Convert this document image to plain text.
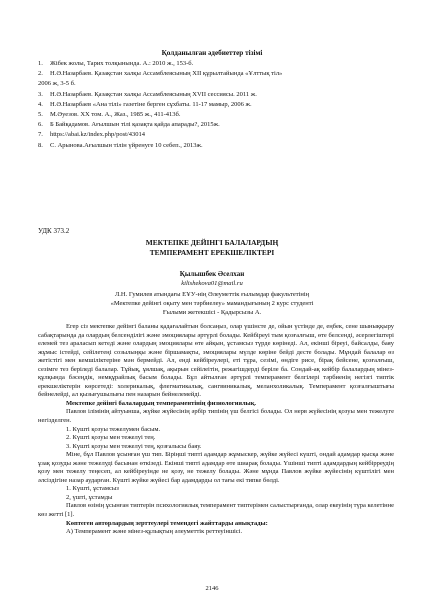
Қолданылған әдебиеттер тізімі
1.	Жібек жолы, Тарих толқынында. А.: 2010 ж., 153-б.
2.	Н.Ә.Назарбаев. Қазақстан халқы Ассамблеясының XII құрылтайында «Ұлттық тіл»
2006 ж, 3-5 б.
3.	Н.Ә.Назарбаев. Қазақстан халқы Ассамблеясының XVII сессиясы. 2011 ж.
4.	Н.Ә.Назарбаев «Ана тілі» газетіне берген сұхбаты. 11-17 мамыр, 2006 ж.
5.	М.Әуезов. XX том. А., Жаз., 1985 ж., 411-413б.
6.	Б Байқадамов. Ағылшын тілі қазақта қайда апарады?, 2015ж.
7.	https://abai.kz/index.php/post/43014
8.	С. Арынова.Ағылшын тілін үйренуге 10 себеп., 2013ж.
УДК 373.2
МЕКТЕПКЕ ДЕЙІНГІ БАЛАЛАРДЫҢ
ТЕМПЕРАМЕНТ ЕРЕКШЕЛІКТЕРІ
Қылышбек Әселхан
kilishekova01@mail.ru
Л.Н. Гумилев атындағы ЕҰУ-нің Әлеуметтік ғылымдар факультетінің
«Мектепке дейінгі оқыту мен тәрбиелеу» мамандығының 2 курс студенті
Ғылыми жетекшісі - Қадырсызы А.

Егер сіз мектепке дейінгі баланы қадағалайтын болсаңыз, олар үшінсте де, ойын үстінде де, еңбек, сене шыныққыру сабақтарында да олардың белсенділігі және эмоциялары әртүрлі болады. Кейбіреуі тым қозғалғыш, өте белсенді, әсерлегіштері елемей тез араласып кетеді және олардың эмоциялары өте айқын, ұстамсыз түрде көрінеді. Ал, екінші біреуі, байсалды, баяу жұмыс істейді, сейілетеңі созылыңқы және біршамақты, эмоциялары мүлде көріне бейді десте болады. Мұндай балалар өз жетістігі мен кемшіліктеріне мән бермейді. Ал, енді кейбіреулері, еті тұра, сезімі, өндіге рисе, бірақ бейсене, қозғалғыш, сезімге тез беріледі балалар. Тұйық, ұялшақ, ақырын сейілеітін, режагішдерді беріле ба. Сондай-ақ кейбір балалардың мінез-құлқында бәсеңдік, немқұрайлық басым болады. Бұл айтылған әртүрлі темперамент белгілері тәрбиенің негізгі типтік ерекшеліктерін көрсетеді: холерикалық, флегматикалық, сангвиникалық, меланхоликалық. Темперамент қозғалғыштығы бейнелейді, ал қызығушылығы пен назарын бейнелемейді.

Мектепке дейінгі балалардың темпераментінің физиологиялық.

Павлов ілімінің айтуынша, жүйке жүйесінің әрбір типінің үш белгісі болады. Ол нерв жүйесінің қозуы мен тежелуге негізделген.

1. Күшті қозуы тежелумен басым.

2. Күшті қозуы мен тежелуі тең.

3. Күшті қозуы мен тежелуі тең, қозғалысы баяу.

Міне, бұл Павлов ұсынған үш тип. Біріңші типті адамдар жұмыскер, жүйке жүйесі күшті, ондай адамдар қысқа және ұзақ қозуды және тежелуді басынан өткізеді. Екінші типті адамдар өте шиарақ болады. Үшінші типті адамдардың кейбірреудің қозу мен тежелу теңесеп, ал кейбіреуінде не қозу, не тежелу болады. Және мұнда Павлов жүйке жүйесінің күштілігі мен әлсіздігіне назар аударған. Күшті жүйке жүйесі бар адамдарды ол тағы екі типке бөлді.

1. Күшті, ұстамсыз

2, үшті, ұстамды

Павлов өзінің ұсынған типтерін психологиялық темперамент типтерімен салыстырғанда, олар екеуінің түра келетінне көз жетті [1].

Көптеген авторлардың зерттеулері темендегі жайттарды анықтады:

А) Темперамент және мінез-құлықтың әлеуметтік реттеуіншісі.

2146
